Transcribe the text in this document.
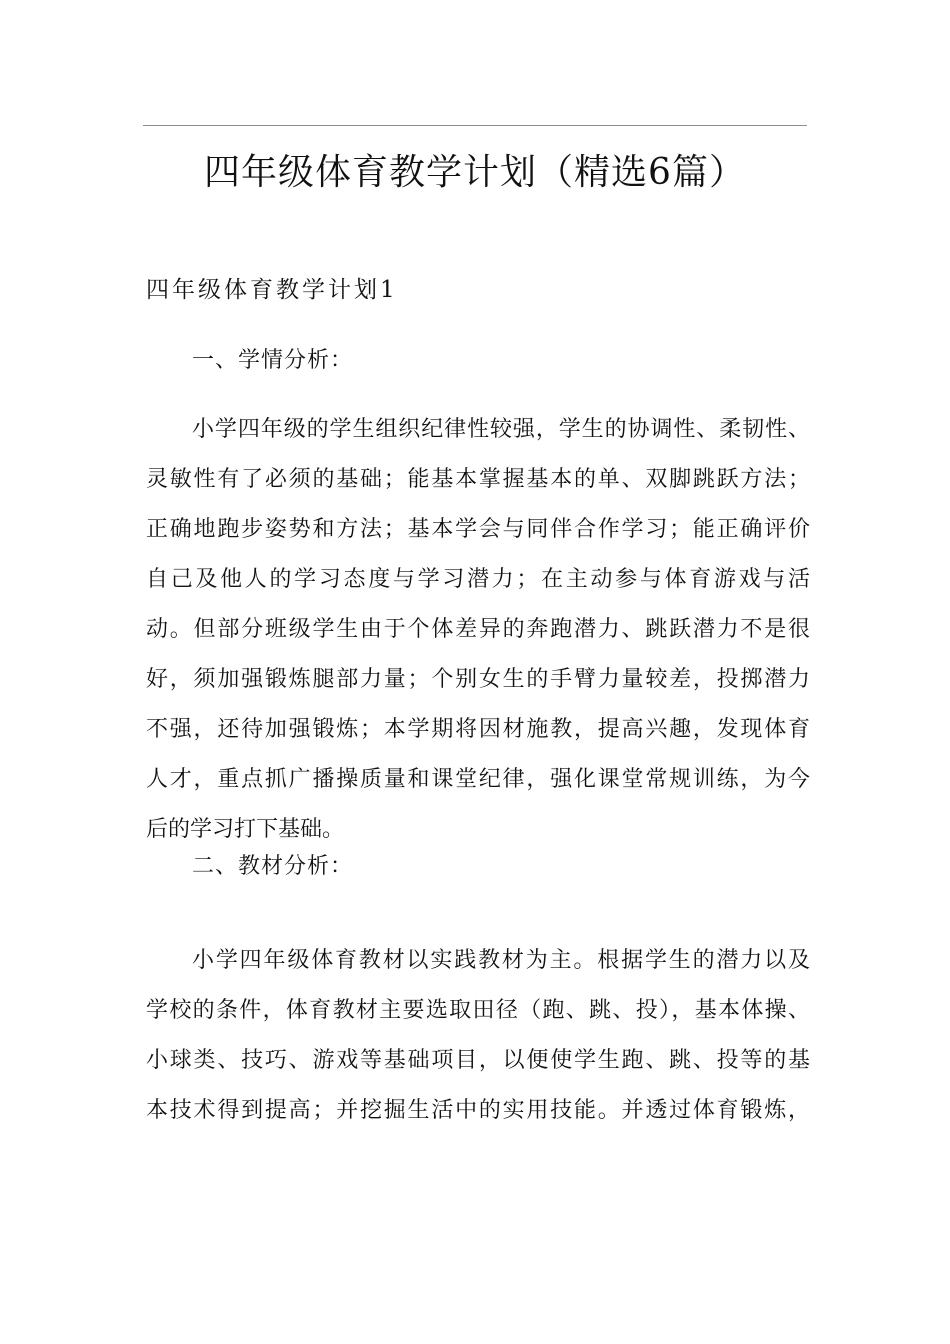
四年级体育教学计划（精选6篇）
四年级体育教学计划1
一、学情分析：
小学四年级的学生组织纪律性较强，学生的协调性、柔韧性、
灵敏性有了必须的基础；能基本掌握基本的单、双脚跳跃方法；
正确地跑步姿势和方法；基本学会与同伴合作学习；能正确评价
自己及他人的学习态度与学习潜力；在主动参与体育游戏与活
动。但部分班级学生由于个体差异的奔跑潜力、跳跃潜力不是很
好，须加强锻炼腿部力量；个别女生的手臂力量较差，投掷潜力
不强，还待加强锻炼；本学期将因材施教，提高兴趣，发现体育
人才，重点抓广播操质量和课堂纪律，强化课堂常规训练，为今
后的学习打下基础。
二、教材分析：
小学四年级体育教材以实践教材为主。根据学生的潜力以及
学校的条件，体育教材主要选取田径（跑、跳、投），基本体操、
小球类、技巧、游戏等基础项目，以便使学生跑、跳、投等的基
本技术得到提高；并挖掘生活中的实用技能。并透过体育锻炼，
